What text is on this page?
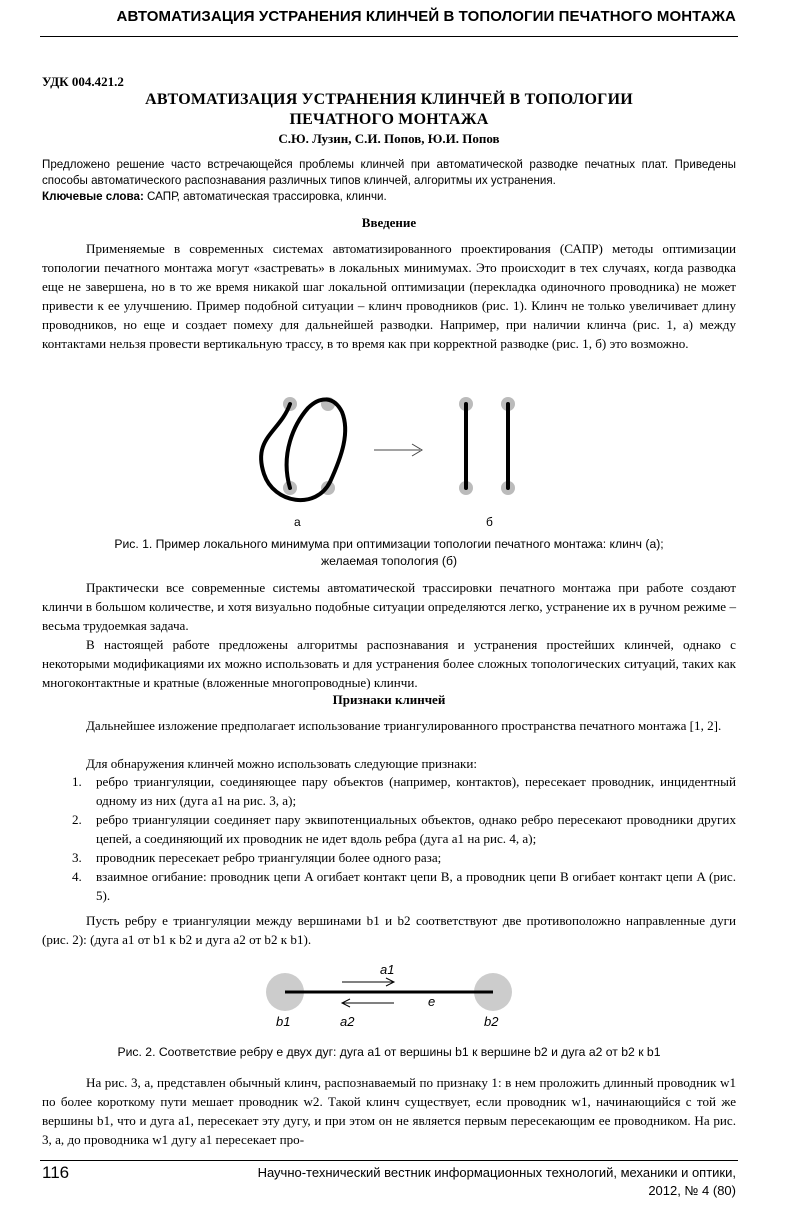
АВТОМАТИЗАЦИЯ УСТРАНЕНИЯ КЛИНЧЕЙ В ТОПОЛОГИИ ПЕЧАТНОГО МОНТАЖА
УДК 004.421.2
АВТОМАТИЗАЦИЯ УСТРАНЕНИЯ КЛИНЧЕЙ В ТОПОЛОГИИ
ПЕЧАТНОГО МОНТАЖА
С.Ю. Лузин, С.И. Попов, Ю.И. Попов
Предложено решение часто встречающейся проблемы клинчей при автоматической разводке печатных плат. Приведены способы автоматического распознавания различных типов клинчей, алгоритмы их устранения.
Ключевые слова: САПР, автоматическая трассировка, клинчи.
Введение

Применяемые в современных системах автоматизированного проектирования (САПР) методы оптимизации топологии печатного монтажа могут «застревать» в локальных минимумах. Это происходит в тех случаях, когда разводка еще не завершена, но в то же время никакой шаг локальной оптимизации (перекладка одиночного проводника) не может привести к ее улучшению. Пример подобной ситуации – клинч проводников (рис. 1). Клинч не только увеличивает длину проводников, но еще и создает помеху для дальнейшей разводки. Например, при наличии клинча (рис. 1, а) между контактами нельзя провести вертикальную трассу, в то время как при корректной разводке (рис. 1, б) это возможно.

а	б
Рис. 1. Пример локального минимума при оптимизации топологии печатного монтажа: клинч (а);
желаемая топология (б)

Практически все современные системы автоматической трассировки печатного монтажа при работе создают клинчи в большом количестве, и хотя визуально подобные ситуации определяются легко, устранение их в ручном режиме – весьма трудоемкая задача.

В настоящей работе предложены алгоритмы распознавания и устранения простейших клинчей, однако с некоторыми модификациями их можно использовать и для устранения более сложных топологических ситуаций, таких как многоконтактные и кратные (вложенные многопроводные) клинчи.

Признаки клинчей

Дальнейшее изложение предполагает использование триангулированного пространства печатного монтажа [1, 2].

Для обнаружения клинчей можно использовать следующие признаки:

1. ребро триангуляции, соединяющее пару объектов (например, контактов), пересекает проводник, инцидентный одному из них (дуга a1 на рис. 3, а);
2. ребро триангуляции соединяет пару эквипотенциальных объектов, однако ребро пересекают проводники других цепей, а соединяющий их проводник не идет вдоль ребра (дуга a1 на рис. 4, а);
3. проводник пересекает ребро триангуляции более одного раза;
4. взаимное огибание: проводник цепи A огибает контакт цепи B, а проводник цепи B огибает контакт цепи A (рис. 5).

Пусть ребру e триангуляции между вершинами b1 и b2 соответствуют две противоположно направленные дуги (рис. 2): (дуга a1 от b1 к b2 и дуга a2 от b2 к b1).

a1
a2
e
b1	b2
Рис. 2. Соответствие ребру e двух дуг: дуга a1 от вершины b1 к вершине b2 и дуга a2 от b2 к b1

На рис. 3, а, представлен обычный клинч, распознаваемый по признаку 1: в нем проложить длинный проводник w1 по более короткому пути мешает проводник w2. Такой клинч существует, если проводник w1, начинающийся с той же вершины b1, что и дуга a1, пересекает эту дугу, и при этом он не является первым пересекающим ее проводником. На рис. 3, а, до проводника w1 дугу a1 пересекает про-

116	Научно-технический вестник информационных технологий, механики и оптики,
2012, № 4 (80)
